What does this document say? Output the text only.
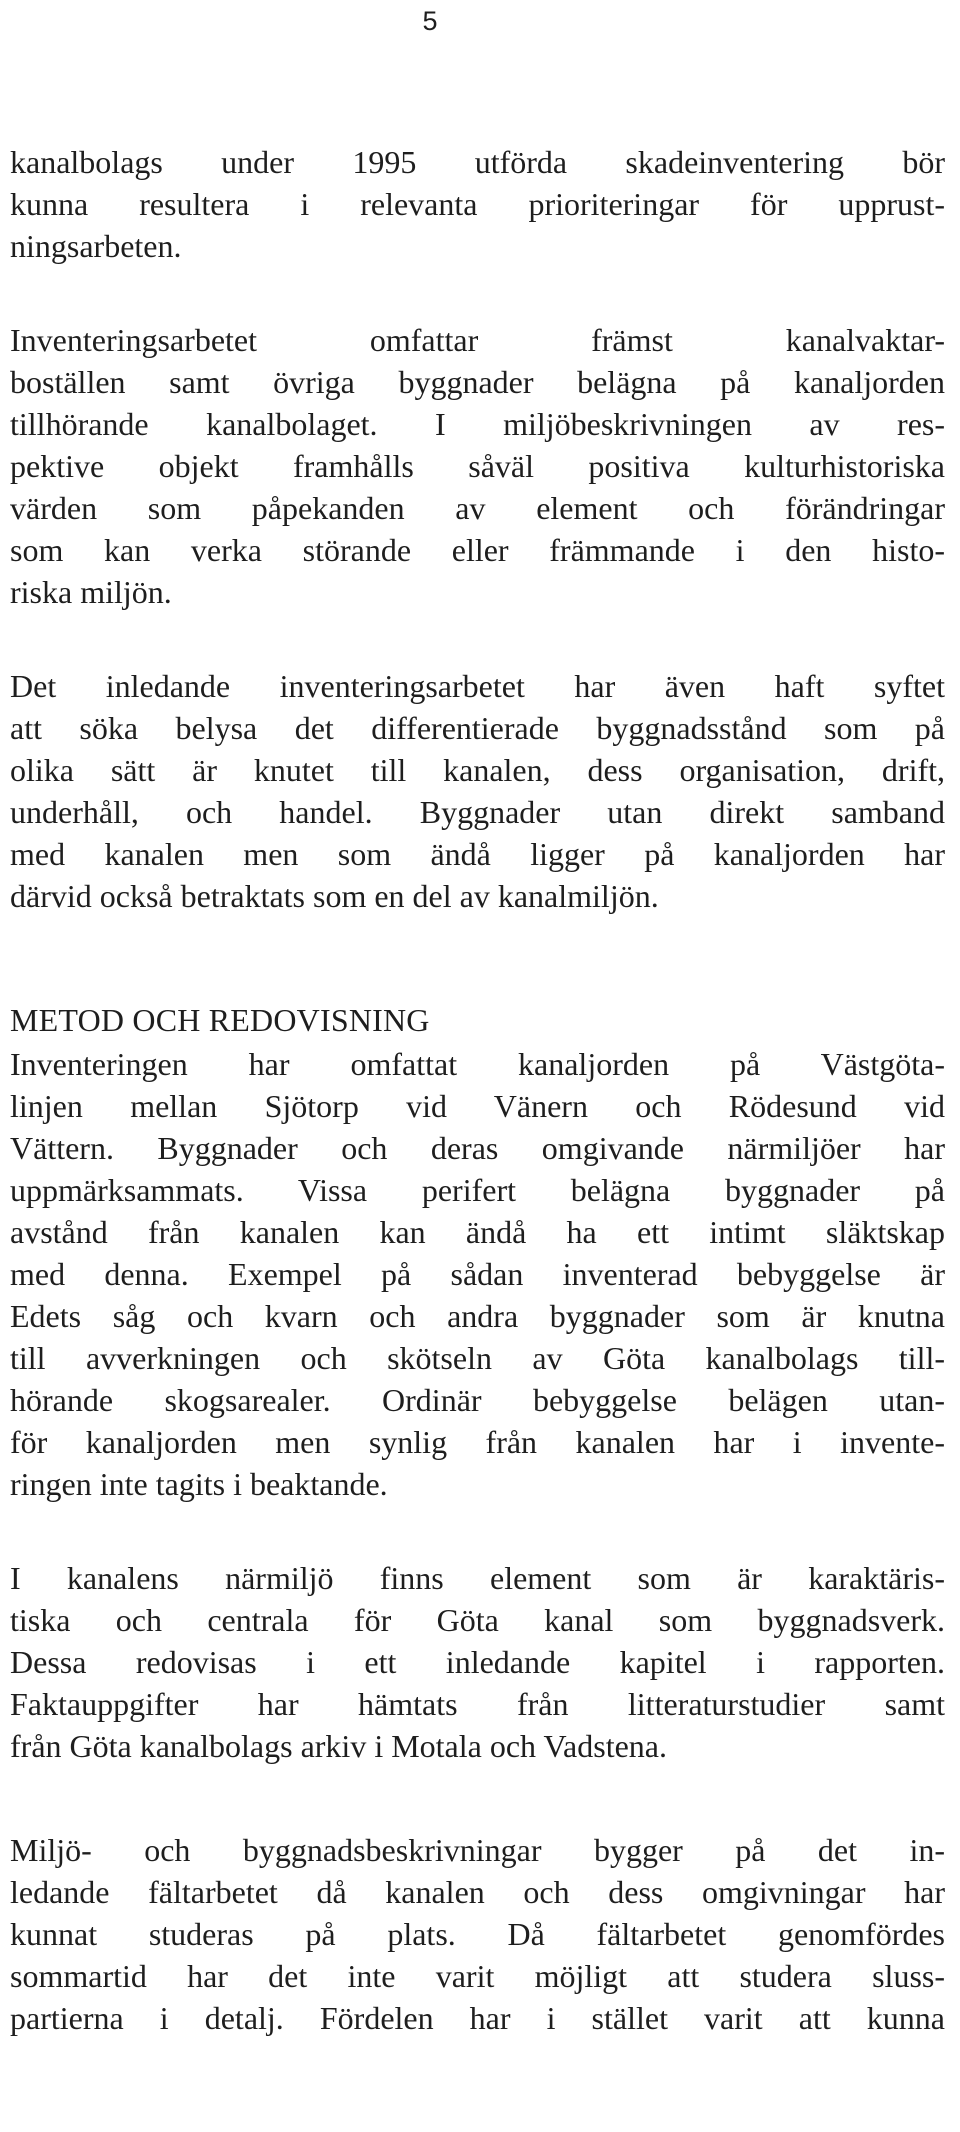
5
kanalbolags under 1995 utförda skadeinventering bör
kunna resultera i relevanta prioriteringar för upprust-
ningsarbeten.
Inventeringsarbetet omfattar främst kanalvaktar-
boställen samt övriga byggnader belägna på kanaljorden
tillhörande kanalbolaget. I miljöbeskrivningen av res-
pektive objekt framhålls såväl positiva kulturhistoriska
värden som påpekanden av element och förändringar
som kan verka störande eller främmande i den histo-
riska miljön.
Det inledande inventeringsarbetet har även haft syftet
att söka belysa det differentierade byggnadsstånd som på
olika sätt är knutet till kanalen, dess organisation, drift,
underhåll, och handel. Byggnader utan direkt samband
med kanalen men som ändå ligger på kanaljorden har
därvid också betraktats som en del av kanalmiljön.
METOD OCH REDOVISNING
Inventeringen har omfattat kanaljorden på Västgöta-
linjen mellan Sjötorp vid Vänern och Rödesund vid
Vättern. Byggnader och deras omgivande närmiljöer har
uppmärksammats. Vissa perifert belägna byggnader på
avstånd från kanalen kan ändå ha ett intimt släktskap
med denna. Exempel på sådan inventerad bebyggelse är
Edets såg och kvarn och andra byggnader som är knutna
till avverkningen och skötseln av Göta kanalbolags till-
hörande skogsarealer. Ordinär bebyggelse belägen utan-
för kanaljorden men synlig från kanalen har i invente-
ringen inte tagits i beaktande.
I kanalens närmiljö finns element som är karaktäris-
tiska och centrala för Göta kanal som byggnadsverk.
Dessa redovisas i ett inledande kapitel i rapporten.
Faktauppgifter har hämtats från litteraturstudier samt
från Göta kanalbolags arkiv i Motala och Vadstena.
Miljö- och byggnadsbeskrivningar bygger på det in-
ledande fältarbetet då kanalen och dess omgivningar har
kunnat studeras på plats. Då fältarbetet genomfördes
sommartid har det inte varit möjligt att studera sluss-
partierna i detalj. Fördelen har i stället varit att kunna
